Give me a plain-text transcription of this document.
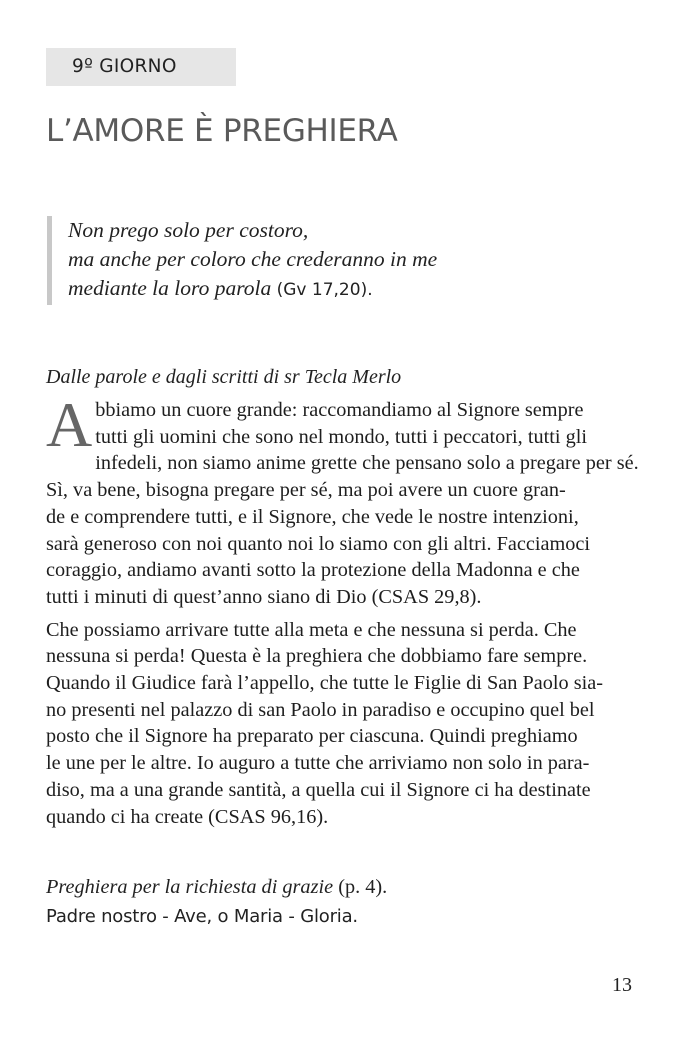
9º GIORNO
L’AMORE È PREGHIERA
Non prego solo per costoro,
ma anche per coloro che crederanno in me
mediante la loro parola (Gv 17,20).
Dalle parole e dagli scritti di sr Tecla Merlo
A bbiamo un cuore grande: raccomandiamo al Signore sempre
tutti gli uomini che sono nel mondo, tutti i peccatori, tutti gli
infedeli, non siamo anime grette che pensano solo a pregare per sé.
Sì, va bene, bisogna pregare per sé, ma poi avere un cuore gran-
de e comprendere tutti, e il Signore, che vede le nostre intenzioni,
sarà generoso con noi quanto noi lo siamo con gli altri. Facciamoci
coraggio, andiamo avanti sotto la protezione della Madonna e che
tutti i minuti di quest’anno siano di Dio (CSAS 29,8).
Che possiamo arrivare tutte alla meta e che nessuna si perda. Che
nessuna si perda! Questa è la preghiera che dobbiamo fare sempre.
Quando il Giudice farà l’appello, che tutte le Figlie di San Paolo sia-
no presenti nel palazzo di san Paolo in paradiso e occupino quel bel
posto che il Signore ha preparato per ciascuna. Quindi preghiamo
le une per le altre. Io auguro a tutte che arriviamo non solo in para-
diso, ma a una grande santità, a quella cui il Signore ci ha destinate
quando ci ha create (CSAS 96,16).
Preghiera per la richiesta di grazie (p. 4).
Padre nostro - Ave, o Maria - Gloria.
13
